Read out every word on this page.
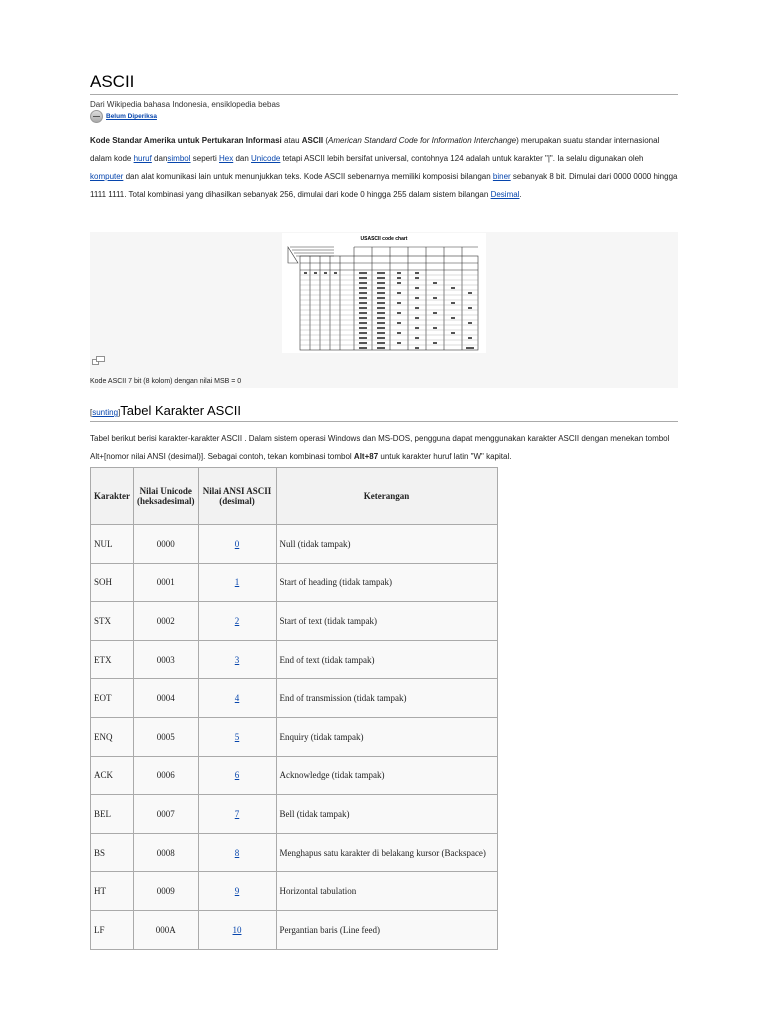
ASCII
Dari Wikipedia bahasa Indonesia, ensiklopedia bebas
Belum Diperiksa
Kode Standar Amerika untuk Pertukaran Informasi atau ASCII (American Standard Code for Information Interchange) merupakan suatu standar internasional dalam kode huruf dansimbol seperti Hex dan Unicode tetapi ASCII lebih bersifat universal, contohnya 124 adalah untuk karakter "|". Ia selalu digunakan oleh komputer dan alat komunikasi lain untuk menunjukkan teks. Kode ASCII sebenarnya memiliki komposisi bilangan biner sebanyak 8 bit. Dimulai dari 0000 0000 hingga 1111 1111. Total kombinasi yang dihasilkan sebanyak 256, dimulai dari kode 0 hingga 255 dalam sistem bilangan Desimal.
USASCII code chart
Kode ASCII 7 bit (8 kolom) dengan nilai MSB = 0
[sunting]Tabel Karakter ASCII
Tabel berikut berisi karakter-karakter ASCII . Dalam sistem operasi Windows dan MS-DOS, pengguna dapat menggunakan karakter ASCII dengan menekan tombol Alt+[nomor nilai ANSI (desimal)]. Sebagai contoh, tekan kombinasi tombol Alt+87 untuk karakter huruf latin "W" kapital.
Karakter	Nilai Unicode (heksadesimal)	Nilai ANSI ASCII (desimal)	Keterangan
NUL	0000	0	Null (tidak tampak)
SOH	0001	1	Start of heading (tidak tampak)
STX	0002	2	Start of text (tidak tampak)
ETX	0003	3	End of text (tidak tampak)
EOT	0004	4	End of transmission (tidak tampak)
ENQ	0005	5	Enquiry (tidak tampak)
ACK	0006	6	Acknowledge (tidak tampak)
BEL	0007	7	Bell (tidak tampak)
BS	0008	8	Menghapus satu karakter di belakang kursor (Backspace)
HT	0009	9	Horizontal tabulation
LF	000A	10	Pergantian baris (Line feed)
